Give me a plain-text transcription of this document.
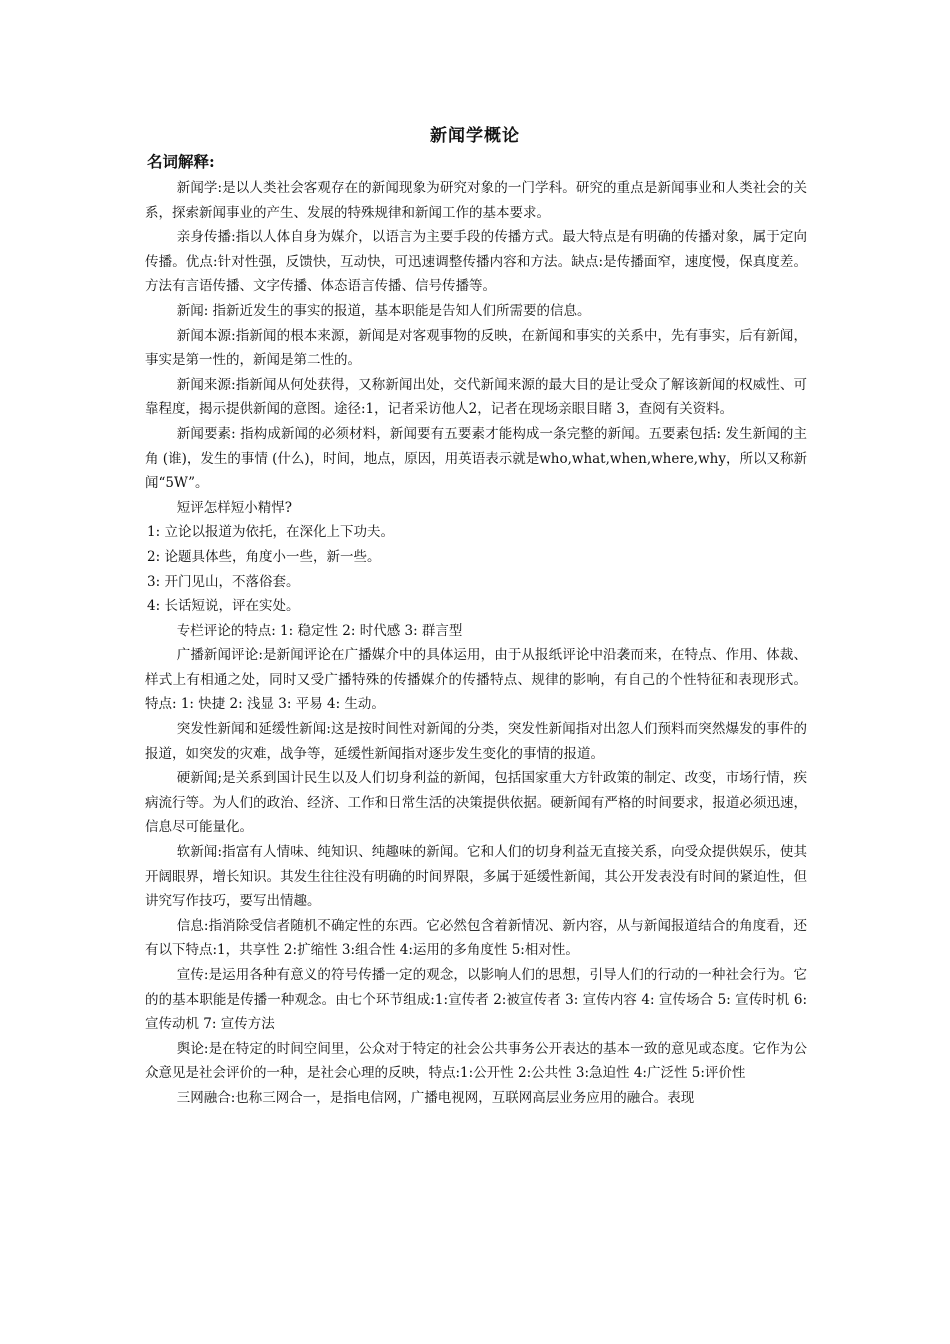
新闻学概论
名词解释:

新闻学:是以人类社会客观存在的新闻现象为研究对象的一门学科。研究的重点是新闻事业和人类社会的关系，探索新闻事业的产生、发展的特殊规律和新闻工作的基本要求。

亲身传播:指以人体自身为媒介，以语言为主要手段的传播方式。最大特点是有明确的传播对象，属于定向传播。优点:针对性强，反馈快，互动快，可迅速调整传播内容和方法。缺点:是传播面窄，速度慢，保真度差。方法有言语传播、文字传播、体态语言传播、信号传播等。

新闻: 指新近发生的事实的报道，基本职能是告知人们所需要的信息。

新闻本源:指新闻的根本来源，新闻是对客观事物的反映，在新闻和事实的关系中，先有事实，后有新闻，事实是第一性的，新闻是第二性的。

新闻来源:指新闻从何处获得，又称新闻出处，交代新闻来源的最大目的是让受众了解该新闻的权威性、可靠程度，揭示提供新闻的意图。途径:1，记者采访他人2，记者在现场亲眼目睹 3，查阅有关资料。

新闻要素: 指构成新闻的必须材料，新闻要有五要素才能构成一条完整的新闻。五要素包括: 发生新闻的主角 (谁)，发生的事情 (什么)，时间，地点，原因，用英语表示就是who,what,when,where,why，所以又称新闻“5W”。

短评怎样短小精悍?

1: 立论以报道为依托，在深化上下功夫。

2: 论题具体些，角度小一些，新一些。

3: 开门见山，不落俗套。

4: 长话短说，评在实处。

专栏评论的特点: 1: 稳定性 2: 时代感 3: 群言型

广播新闻评论:是新闻评论在广播媒介中的具体运用，由于从报纸评论中沿袭而来，在特点、作用、体裁、样式上有相通之处，同时又受广播特殊的传播媒介的传播特点、规律的影响，有自己的个性特征和表现形式。 特点: 1: 快捷 2: 浅显 3: 平易 4: 生动。

突发性新闻和延缓性新闻:这是按时间性对新闻的分类，突发性新闻指对出忽人们预料而突然爆发的事件的报道，如突发的灾难，战争等，延缓性新闻指对逐步发生变化的事情的报道。

硬新闻;是关系到国计民生以及人们切身利益的新闻，包括国家重大方针政策的制定、改变，市场行情，疾病流行等。为人们的政治、经济、工作和日常生活的决策提供依据。硬新闻有严格的时间要求，报道必须迅速，信息尽可能量化。

软新闻:指富有人情味、纯知识、纯趣味的新闻。它和人们的切身利益无直接关系，向受众提供娱乐，使其开阔眼界，增长知识。其发生往往没有明确的时间界限，多属于延缓性新闻，其公开发表没有时间的紧迫性，但讲究写作技巧，要写出情趣。

信息:指消除受信者随机不确定性的东西。它必然包含着新情况、新内容，从与新闻报道结合的角度看，还有以下特点:1，共享性 2:扩缩性 3:组合性 4:运用的多角度性 5:相对性。

宣传:是运用各种有意义的符号传播一定的观念，以影响人们的思想，引导人们的行动的一种社会行为。它的的基本职能是传播一种观念。由七个环节组成:1:宣传者 2:被宣传者 3: 宣传内容 4: 宣传场合 5: 宣传时机 6: 宣传动机 7: 宣传方法

舆论:是在特定的时间空间里，公众对于特定的社会公共事务公开表达的基本一致的意见或态度。它作为公众意见是社会评价的一种，是社会心理的反映，特点:1:公开性 2:公共性 3:急迫性 4:广泛性 5:评价性

三网融合:也称三网合一，是指电信网，广播电视网，互联网高层业务应用的融合。表现
